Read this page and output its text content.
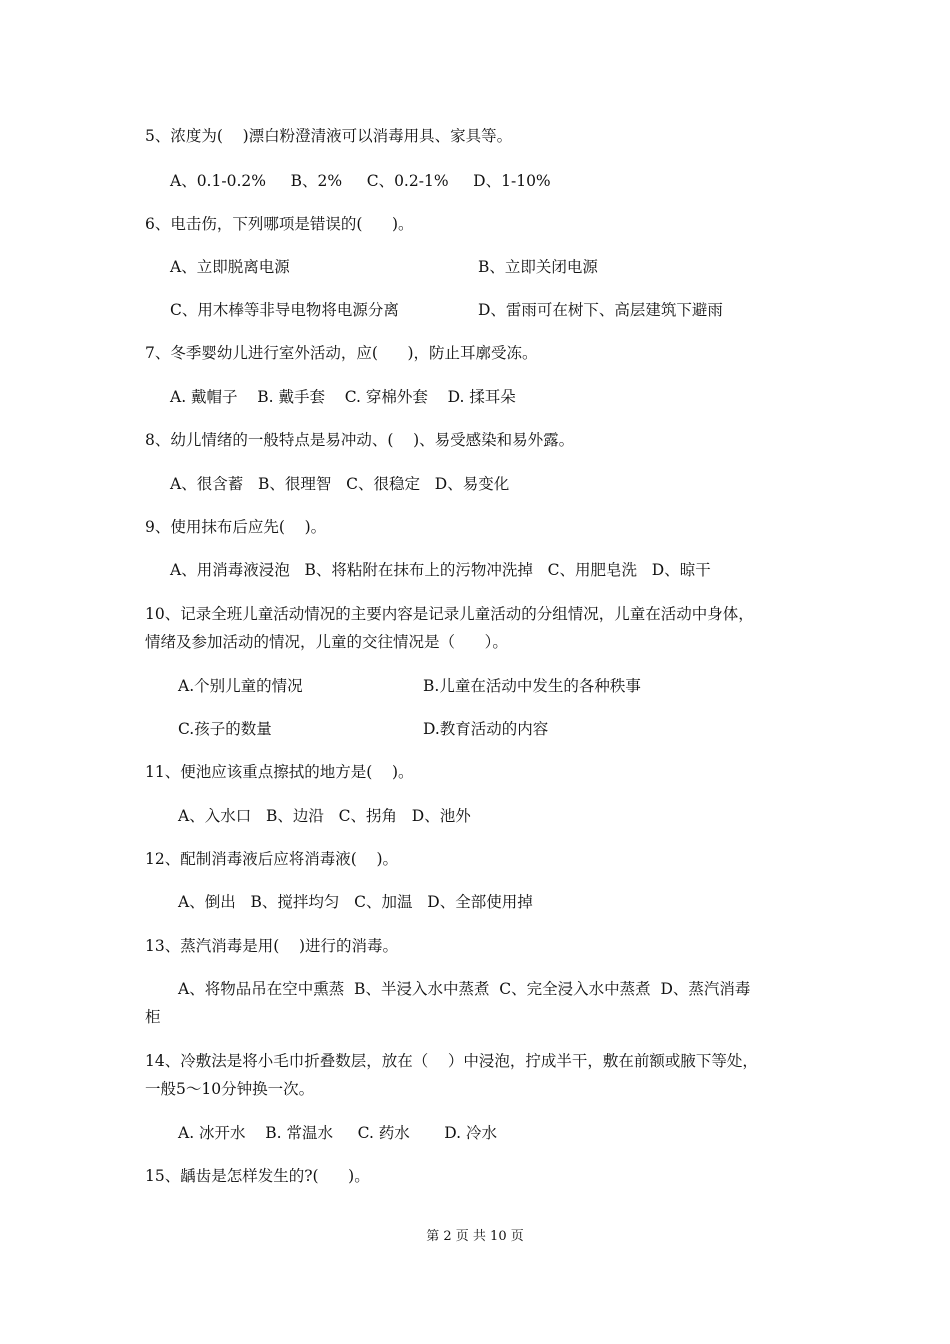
5、浓度为(    )漂白粉澄清液可以消毒用具、家具等。
A、0.1-0.2%     B、2%     C、0.2-1%     D、1-10%
6、电击伤，下列哪项是错误的(      )。
A、立即脱离电源	B、立即关闭电源
C、用木棒等非导电物将电源分离	D、雷雨可在树下、高层建筑下避雨
7、冬季婴幼儿进行室外活动，应(      )，防止耳廓受冻。
A. 戴帽子    B. 戴手套    C. 穿棉外套    D. 揉耳朵
8、幼儿情绪的一般特点是易冲动、(    )、易受感染和易外露。
A、很含蓄   B、很理智   C、很稳定   D、易变化
9、使用抹布后应先(    )。
A、用消毒液浸泡   B、将粘附在抹布上的污物冲洗掉   C、用肥皂洗   D、晾干
10、记录全班儿童活动情况的主要内容是记录儿童活动的分组情况，儿童在活动中身体，
情绪及参加活动的情况，儿童的交往情况是（      ）。
A.个别儿童的情况	B.儿童在活动中发生的各种秩事
C.孩子的数量	D.教育活动的内容
11、便池应该重点擦拭的地方是(    )。
A、入水口   B、边沿   C、拐角   D、池外
12、配制消毒液后应将消毒液(    )。
A、倒出   B、搅拌均匀   C、加温   D、全部使用掉
13、蒸汽消毒是用(    )进行的消毒。
A、将物品吊在空中熏蒸  B、半浸入水中蒸煮  C、完全浸入水中蒸煮  D、蒸汽消毒
柜
14、冷敷法是将小毛巾折叠数层，放在（    ）中浸泡，拧成半干，敷在前额或腋下等处，
一般5～10分钟换一次。
A. 冰开水    B. 常温水     C. 药水       D. 冷水
15、龋齿是怎样发生的?(      )。
第 2 页 共 10 页
